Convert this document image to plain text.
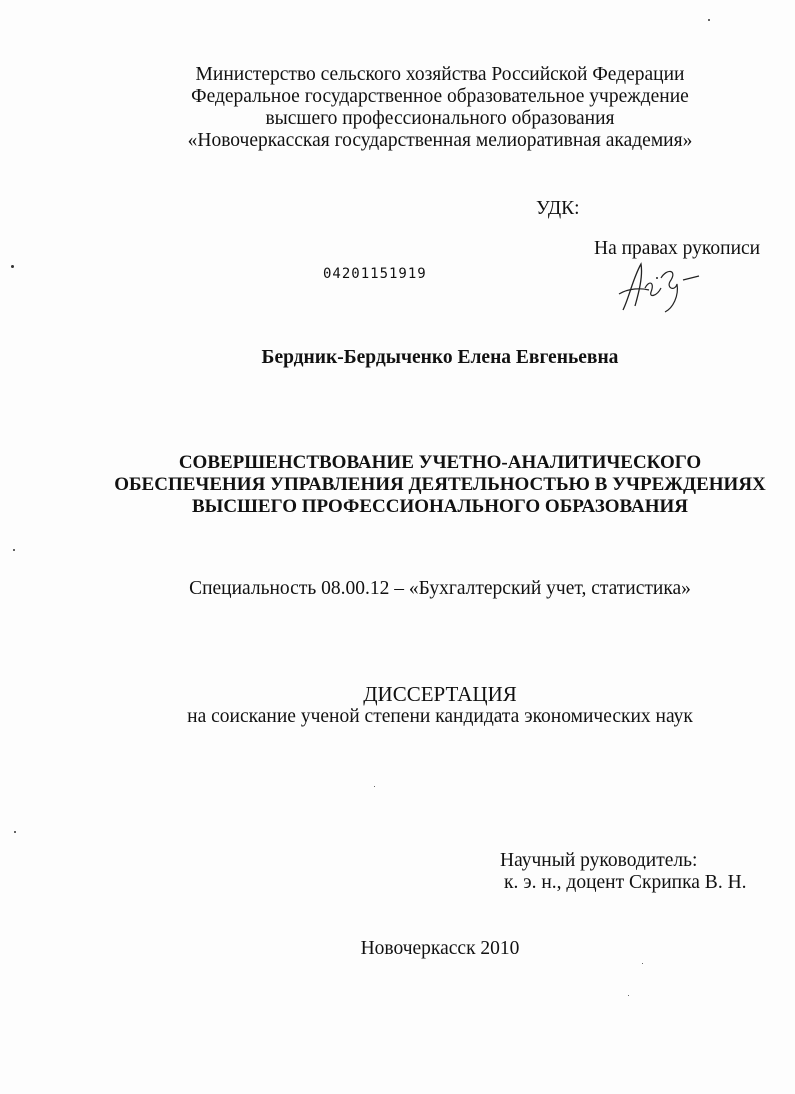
Министерство сельского хозяйства Российской Федерации
Федеральное государственное образовательное учреждение
высшего профессионального образования
«Новочеркасская государственная мелиоративная академия»
УДК:
На правах рукописи
04201151919
Бердник-Бердыченко Елена Евгеньевна
СОВЕРШЕНСТВОВАНИЕ УЧЕТНО-АНАЛИТИЧЕСКОГО
ОБЕСПЕЧЕНИЯ УПРАВЛЕНИЯ ДЕЯТЕЛЬНОСТЬЮ В УЧРЕЖДЕНИЯХ
ВЫСШЕГО ПРОФЕССИОНАЛЬНОГО ОБРАЗОВАНИЯ
Специальность 08.00.12 – «Бухгалтерский учет, статистика»
ДИССЕРТАЦИЯ
на соискание ученой степени кандидата экономических наук
Научный руководитель:
к. э. н., доцент Скрипка В. Н.
Новочеркасск 2010
